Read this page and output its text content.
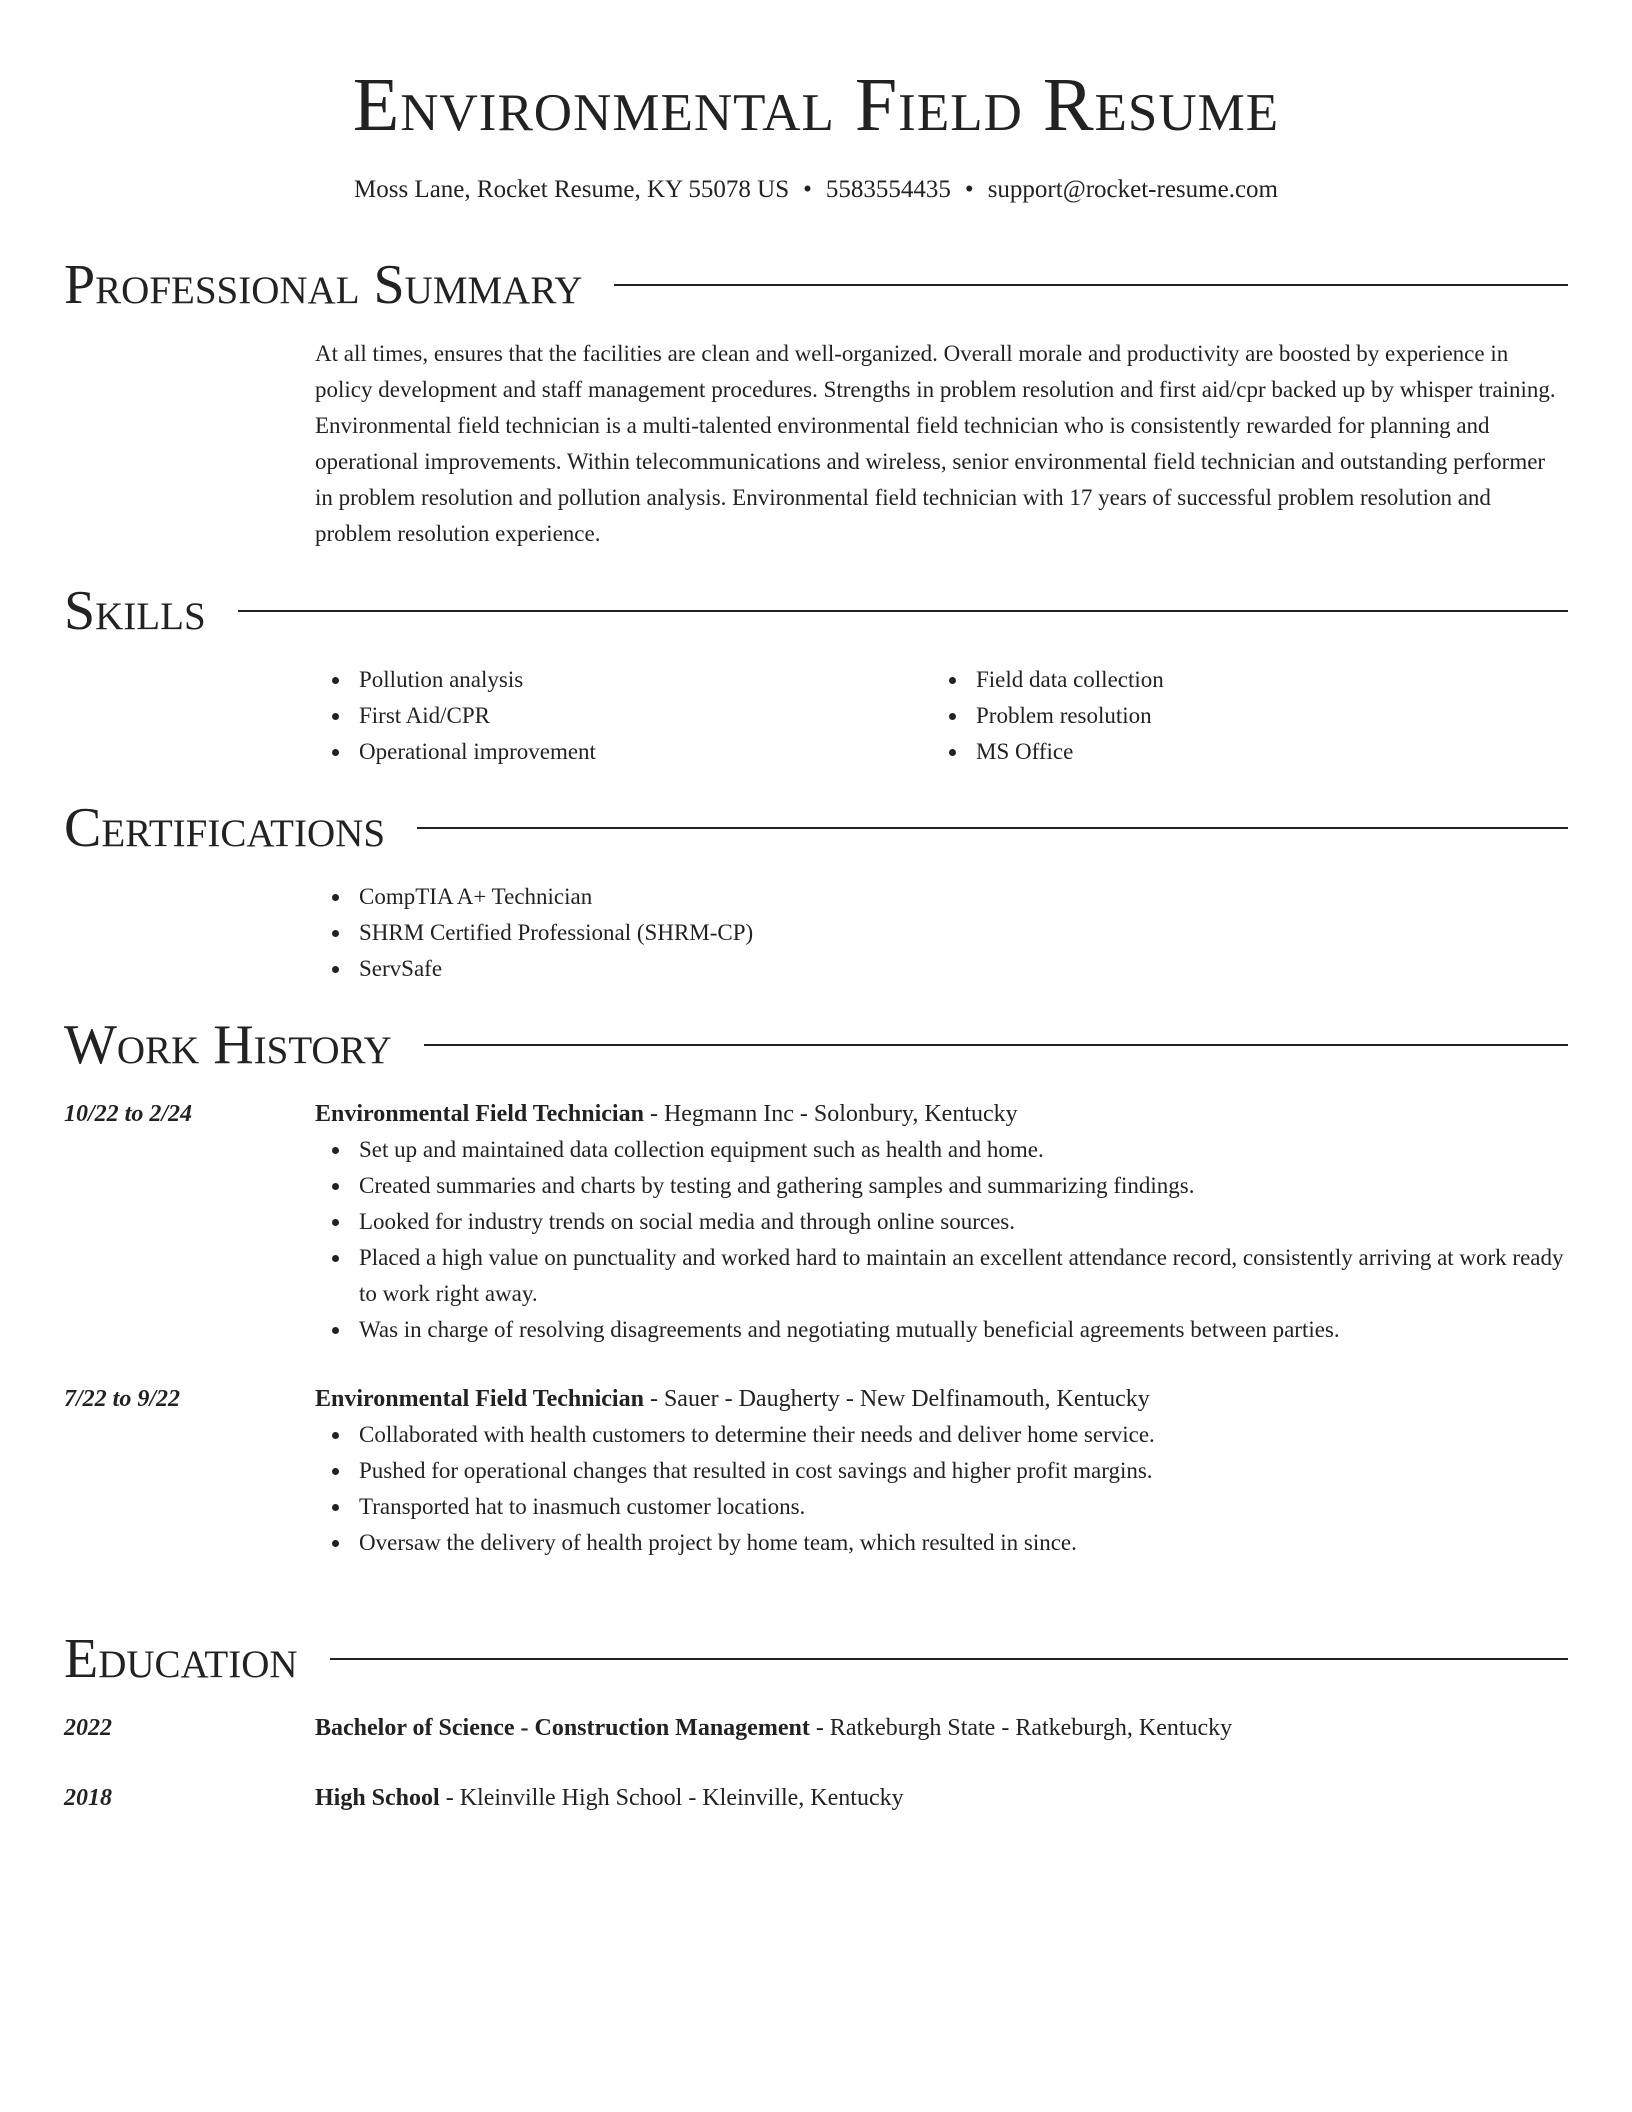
Environmental Field Resume
Moss Lane, Rocket Resume, KY 55078 US • 5583554435 • support@rocket-resume.com
Professional Summary

At all times, ensures that the facilities are clean and well-organized. Overall morale and productivity are boosted by experience in policy development and staff management procedures. Strengths in problem resolution and first aid/cpr backed up by whisper training. Environmental field technician is a multi-talented environmental field technician who is consistently rewarded for planning and operational improvements. Within telecommunications and wireless, senior environmental field technician and outstanding performer in problem resolution and pollution analysis. Environmental field technician with 17 years of successful problem resolution and problem resolution experience.

Skills
Pollution analysis
First Aid/CPR
Operational improvement
Field data collection
Problem resolution
MS Office
Certifications
CompTIA A+ Technician
SHRM Certified Professional (SHRM-CP)
ServSafe
Work History
10/22 to 2/24	Environmental Field Technician - Hegmann Inc - Solonbury, Kentucky
Set up and maintained data collection equipment such as health and home.
Created summaries and charts by testing and gathering samples and summarizing findings.
Looked for industry trends on social media and through online sources.
Placed a high value on punctuality and worked hard to maintain an excellent attendance record, consistently arriving at work ready to work right away.
Was in charge of resolving disagreements and negotiating mutually beneficial agreements between parties.
7/22 to 9/22	Environmental Field Technician - Sauer - Daugherty - New Delfinamouth, Kentucky
Collaborated with health customers to determine their needs and deliver home service.
Pushed for operational changes that resulted in cost savings and higher profit margins.
Transported hat to inasmuch customer locations.
Oversaw the delivery of health project by home team, which resulted in since.
Education
2022	Bachelor of Science - Construction Management - Ratkeburgh State - Ratkeburgh, Kentucky
2018	High School - Kleinville High School - Kleinville, Kentucky
